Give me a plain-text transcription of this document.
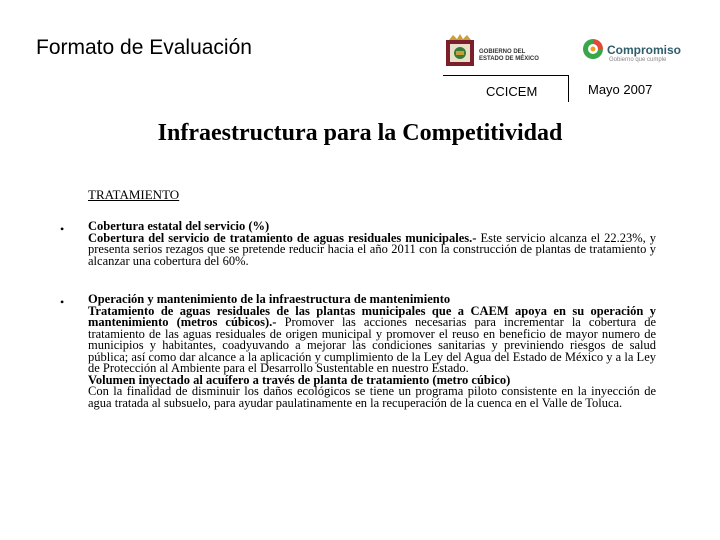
Formato de Evaluación	GOBIERNO DEL
ESTADO DE MÉXICO
Compromiso
Gobierno que cumple
CCICEM	Mayo 2007
Infraestructura para la Competitividad
TRATAMIENTO
• Cobertura estatal del servicio (%)
Cobertura del servicio de tratamiento de aguas residuales municipales.- Este servicio alcanza el 22.23%, y presenta serios rezagos que se pretende reducir hacia el año 2011 con la construcción de plantas de tratamiento y alcanzar una cobertura del 60%.
• Operación y mantenimiento de la infraestructura de mantenimiento
Tratamiento de aguas residuales de las plantas municipales que a CAEM apoya en su operación y mantenimiento (metros cúbicos).- Promover las acciones necesarias para incrementar la cobertura de tratamiento de las aguas residuales de origen municipal y promover el reuso en beneficio de mayor numero de municipios y habitantes, coadyuvando a mejorar las condiciones sanitarias y previniendo riesgos de salud pública; así como dar alcance a la aplicación y cumplimiento de la Ley del Agua del Estado de México y a la Ley de Protección al Ambiente para el Desarrollo Sustentable en nuestro Estado.
Volumen inyectado al acuífero a través de planta de tratamiento (metro cúbico)
Con la finalidad de disminuir los daños ecológicos se tiene un programa piloto consistente en la inyección de agua tratada al subsuelo, para ayudar paulatinamente en la recuperación de la cuenca en el Valle de Toluca.
